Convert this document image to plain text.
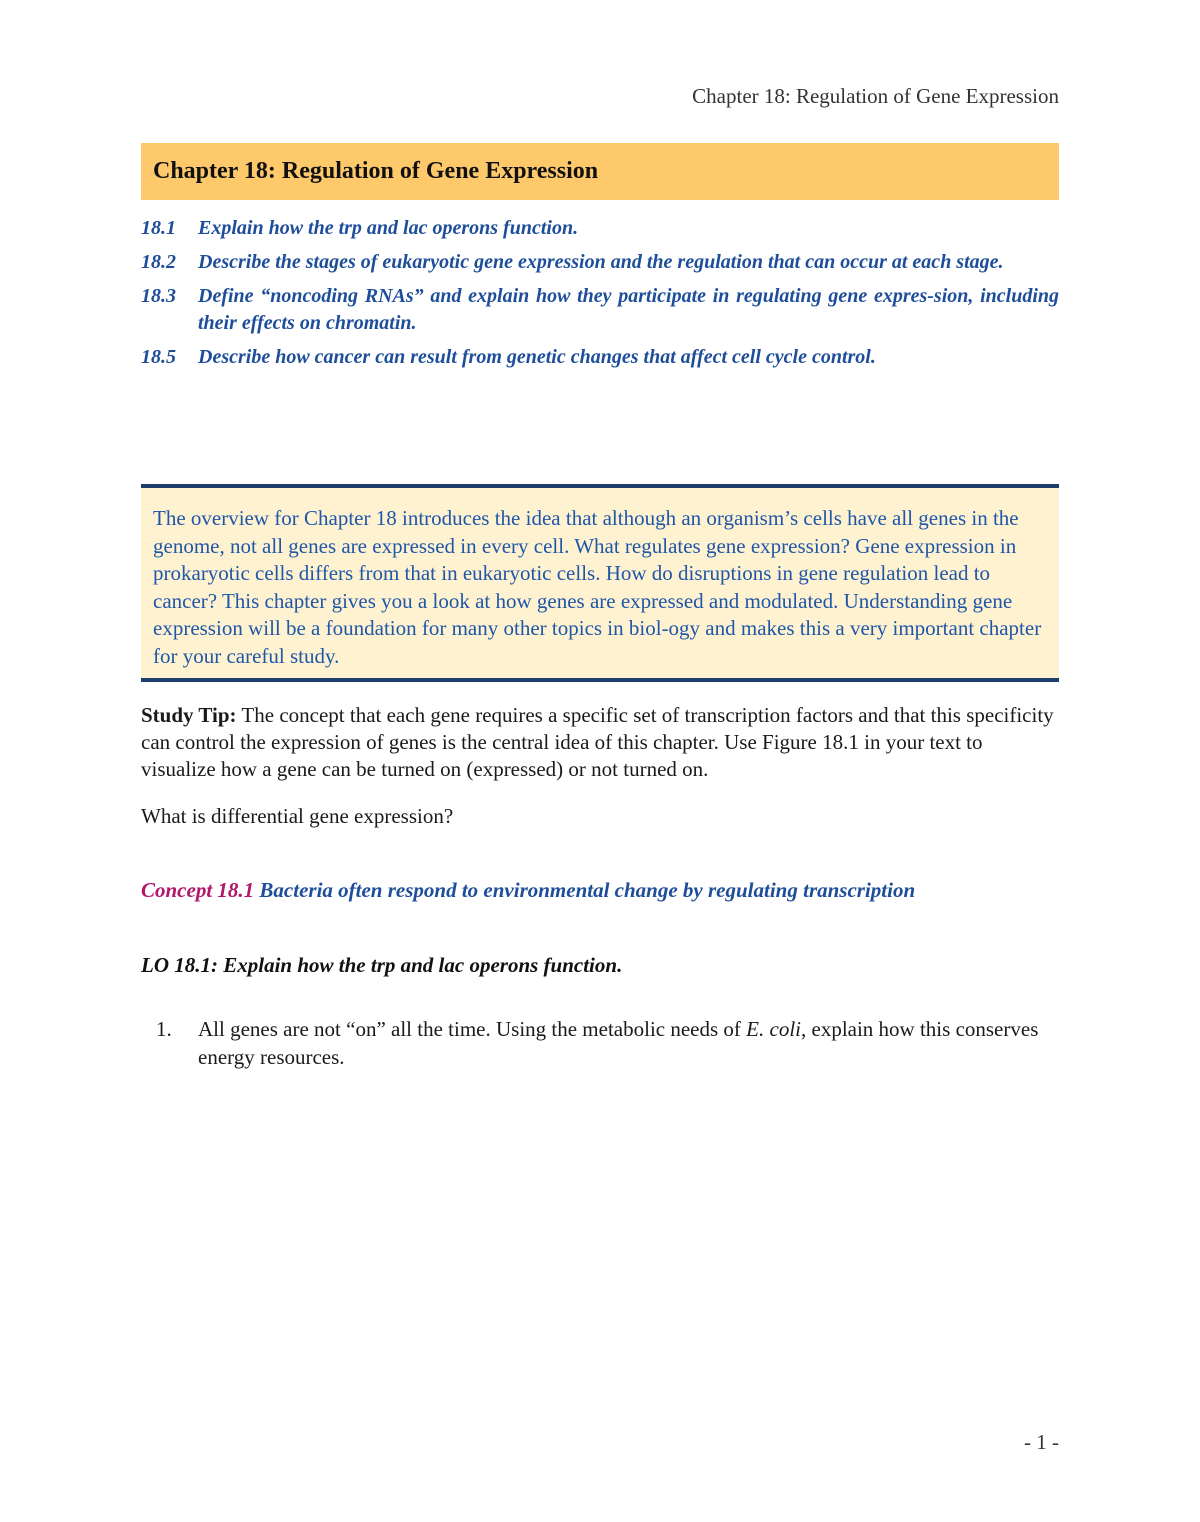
Chapter 18: Regulation of Gene Expression

Chapter 18: Regulation of Gene Expression
18.1	Explain how the trp and lac operons function.
18.2	Describe the stages of eukaryotic gene expression and the regulation that can occur at each stage.
18.3	Define “noncoding RNAs” and explain how they participate in regulating gene expres-sion, including their effects on chromatin.
18.5	Describe how cancer can result from genetic changes that affect cell cycle control.

The overview for Chapter 18 introduces the idea that although an organism’s cells have all genes in the genome, not all genes are expressed in every cell. What regulates gene expression? Gene expression in prokaryotic cells differs from that in eukaryotic cells. How do disruptions in gene regulation lead to cancer? This chapter gives you a look at how genes are expressed and modulated. Understanding gene expression will be a foundation for many other topics in biol-ogy and makes this a very important chapter for your careful study.

Study Tip: The concept that each gene requires a specific set of transcription factors and that this specificity can control the expression of genes is the central idea of this chapter. Use Figure 18.1 in your text to visualize how a gene can be turned on (expressed) or not turned on.

What is differential gene expression?

Concept 18.1 Bacteria often respond to environmental change by regulating transcription

LO 18.1: Explain how the trp and lac operons function.

1.	All genes are not “on” all the time. Using the metabolic needs of E. coli, explain how this conserves energy resources.

- 1 -
